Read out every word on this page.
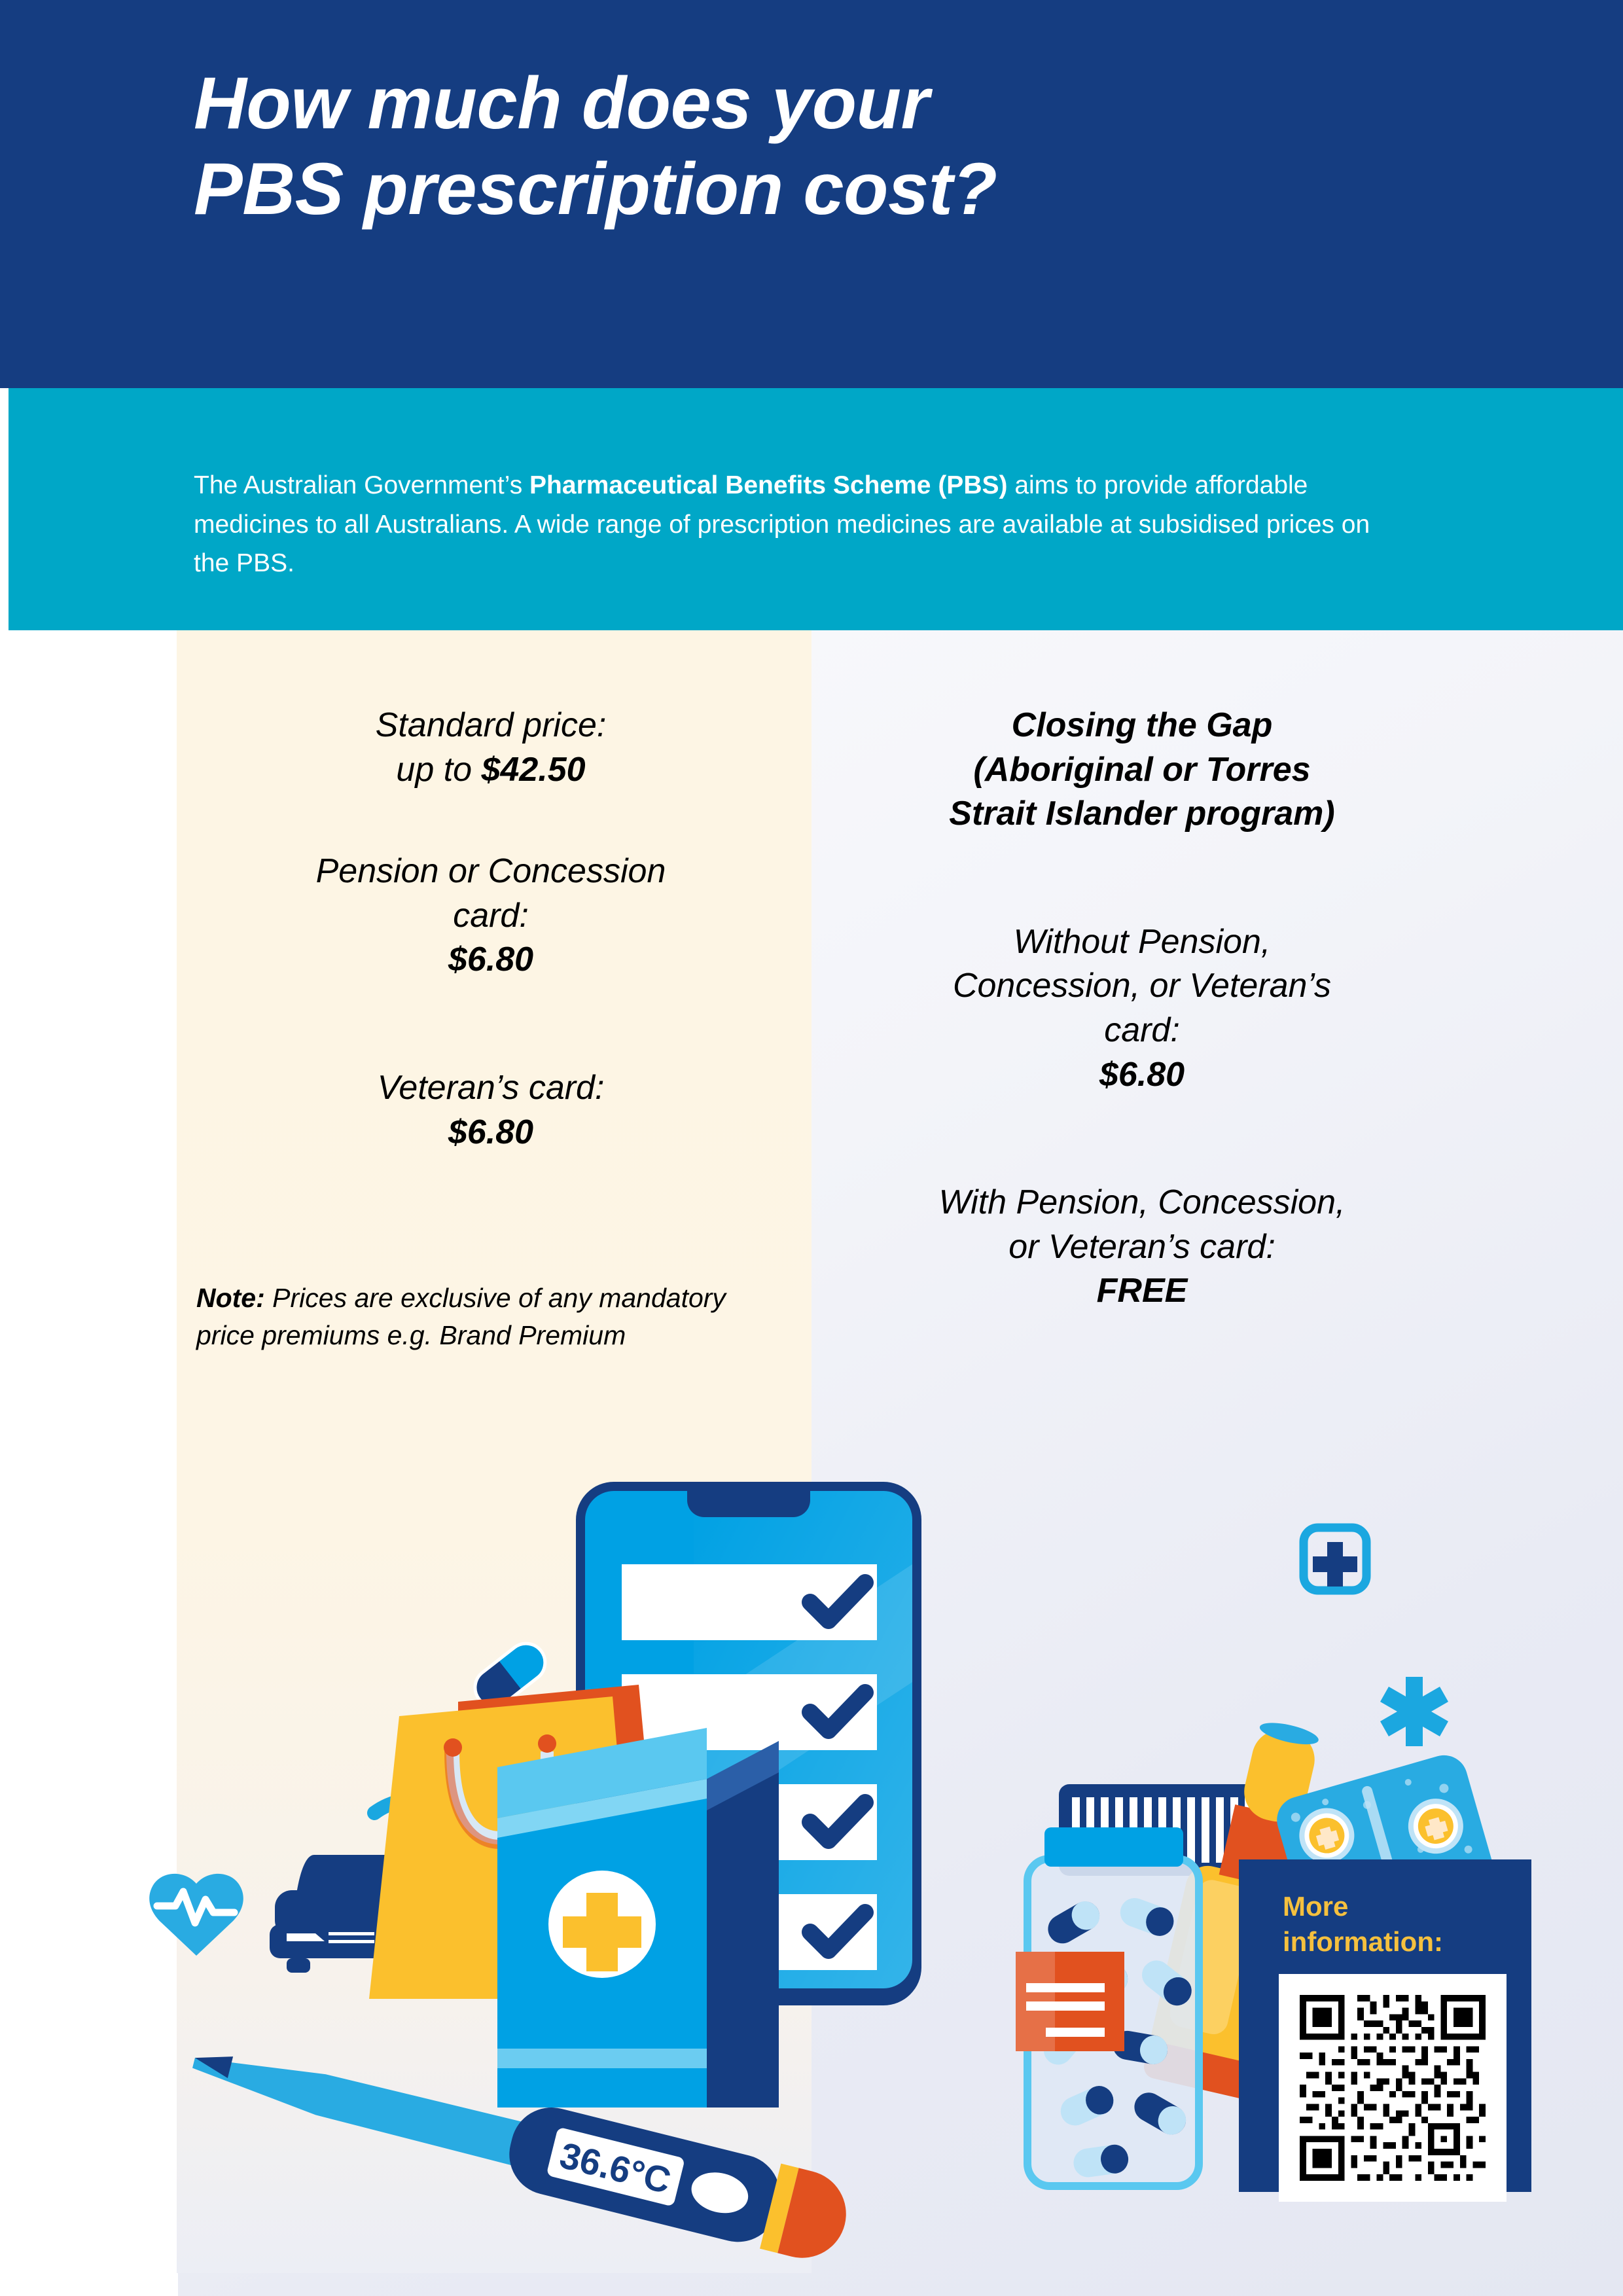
How much does your
PBS prescription cost?

The Australian Government’s Pharmaceutical Benefits Scheme (PBS) aims to provide affordable medicines to all Australians. A wide range of prescription medicines are available at subsidised prices on the PBS.

Standard price:
up to $42.50
Pension or Concession
card:
$6.80
Veteran’s card:
$6.80

Note: Prices are exclusive of any mandatory price premiums e.g. Brand Premium

Closing the Gap
(Aboriginal or Torres
Strait Islander program)
Without Pension,
Concession, or Veteran’s
card:
$6.80
With Pension, Concession,
or Veteran’s card:
FREE
36.6°C
More
information:
